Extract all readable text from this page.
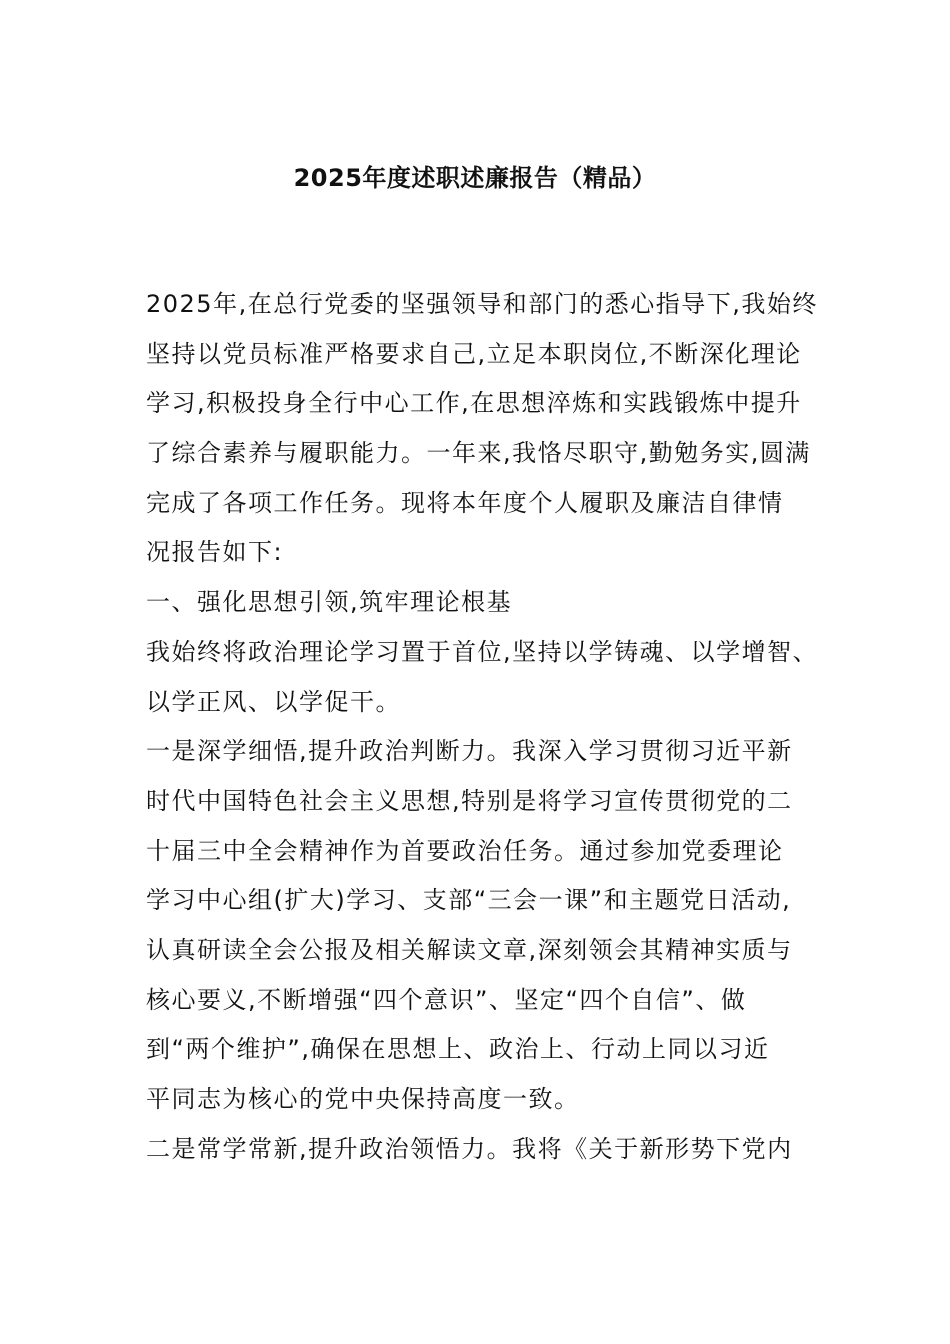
2025年度述职述廉报告（精品）

2025年,在总行党委的坚强领导和部门的悉心指导下,我始终

坚持以党员标准严格要求自己,立足本职岗位,不断深化理论

学习,积极投身全行中心工作,在思想淬炼和实践锻炼中提升

了综合素养与履职能力。一年来,我恪尽职守,勤勉务实,圆满

完成了各项工作任务。现将本年度个人履职及廉洁自律情

况报告如下:

一、强化思想引领,筑牢理论根基

我始终将政治理论学习置于首位,坚持以学铸魂、以学增智、

以学正风、以学促干。

一是深学细悟,提升政治判断力。我深入学习贯彻习近平新

时代中国特色社会主义思想,特别是将学习宣传贯彻党的二

十届三中全会精神作为首要政治任务。通过参加党委理论

学习中心组(扩大)学习、支部“三会一课”和主题党日活动,

认真研读全会公报及相关解读文章,深刻领会其精神实质与

核心要义,不断增强“四个意识”、坚定“四个自信”、做

到“两个维护”,确保在思想上、政治上、行动上同以习近

平同志为核心的党中央保持高度一致。

二是常学常新,提升政治领悟力。我将《关于新形势下党内
